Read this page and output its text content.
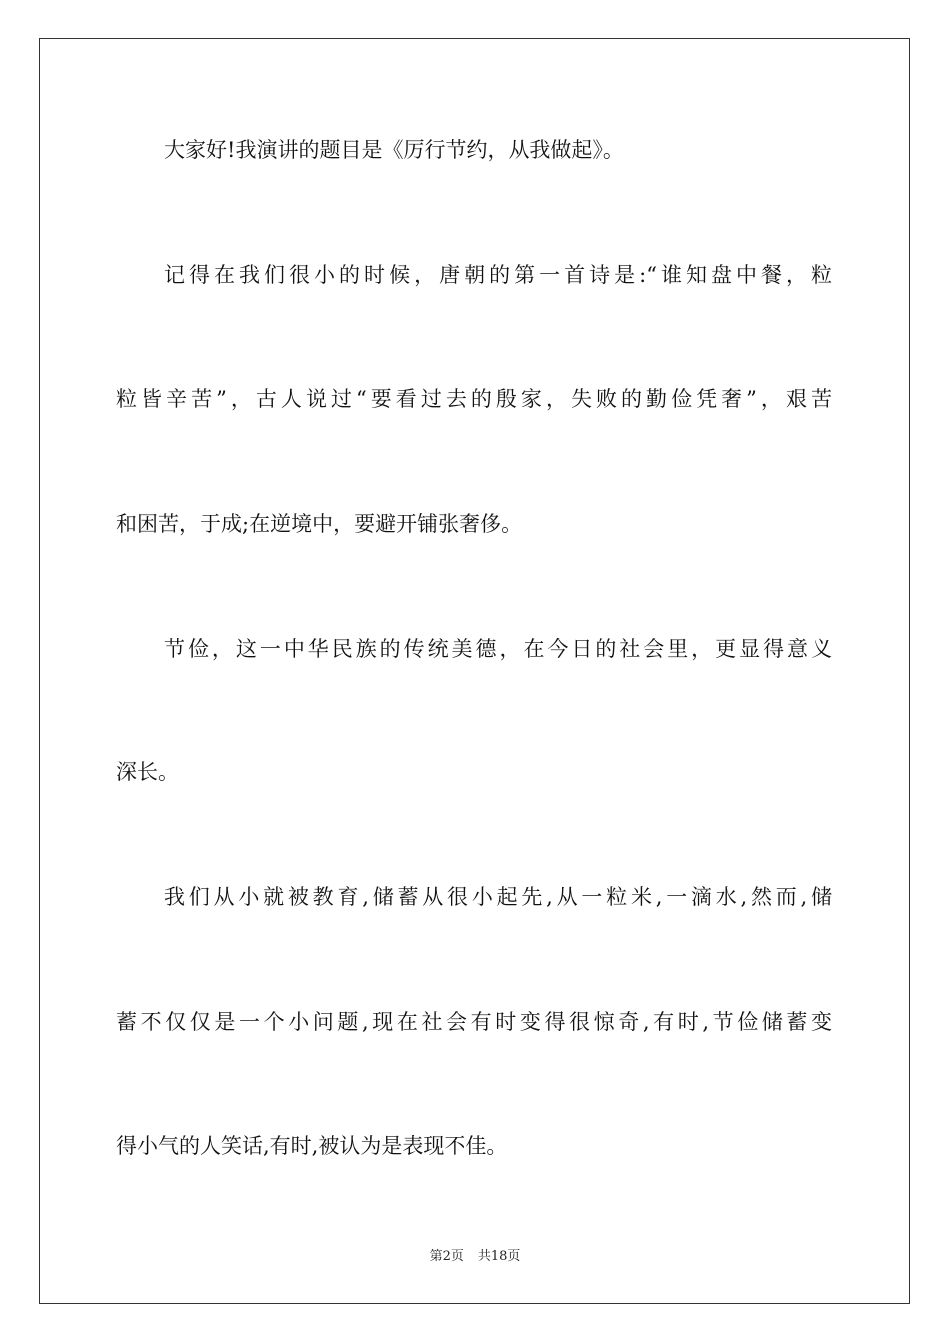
大家好!我演讲的题目是《厉行节约，从我做起》。
记得在我们很小的时候，唐朝的第一首诗是:“谁知盘中餐，粒
粒皆辛苦”，古人说过“要看过去的殷家，失败的勤俭凭奢”，艰苦
和困苦，于成;在逆境中，要避开铺张奢侈。
节俭，这一中华民族的传统美德，在今日的社会里，更显得意义
深长。
我们从小就被教育,储蓄从很小起先,从一粒米,一滴水,然而,储
蓄不仅仅是一个小问题,现在社会有时变得很惊奇,有时,节俭储蓄变
得小气的人笑话,有时,被认为是表现不佳。
第2页 共18页
